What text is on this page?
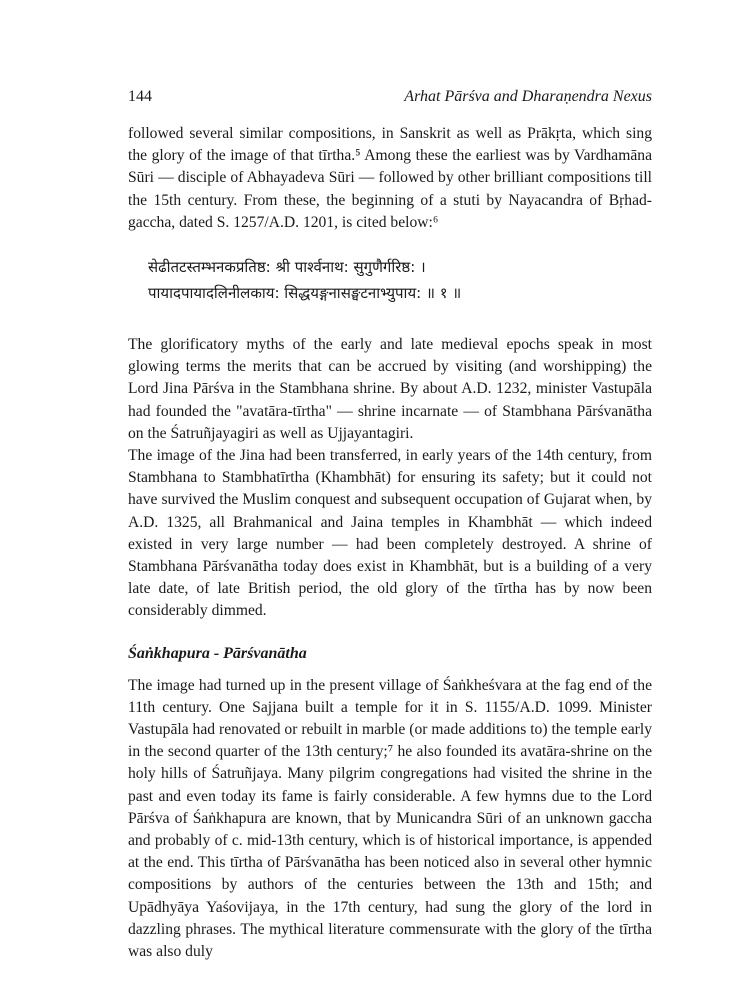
144	Arhat Pārśva and Dharaṇendra Nexus

followed several similar compositions, in Sanskrit as well as Prākṛta, which sing the glory of the image of that tīrtha.⁵ Among these the earliest was by Vardhamāna Sūri — disciple of Abhayadeva Sūri — followed by other brilliant compositions till the 15th century. From these, the beginning of a stuti by Nayacandra of Bṛhad-gaccha, dated S. 1257/A.D. 1201, is cited below:⁶

सेढीतटस्तम्भनकप्रतिष्ठ: श्री पार्श्वनाथ: सुगुणैर्गरिष्ठ: ।
पायादपायादलिनीलकाय: सिद्धयङ्गनासङ्घटनाभ्युपाय: ॥ १ ॥

The glorificatory myths of the early and late medieval epochs speak in most glowing terms the merits that can be accrued by visiting (and worshipping) the Lord Jina Pārśva in the Stambhana shrine. By about A.D. 1232, minister Vastupāla had founded the "avatāra-tīrtha" — shrine incarnate — of Stambhana Pārśvanātha on the Śatruñjayagiri as well as Ujjayantagiri.

The image of the Jina had been transferred, in early years of the 14th century, from Stambhana to Stambhatīrtha (Khambhāt) for ensuring its safety; but it could not have survived the Muslim conquest and subsequent occupation of Gujarat when, by A.D. 1325, all Brahmanical and Jaina temples in Khambhāt — which indeed existed in very large number — had been completely destroyed. A shrine of Stambhana Pārśvanātha today does exist in Khambhāt, but is a building of a very late date, of late British period, the old glory of the tīrtha has by now been considerably dimmed.

Śaṅkhapura - Pārśvanātha

The image had turned up in the present village of Śaṅkheśvara at the fag end of the 11th century. One Sajjana built a temple for it in S. 1155/A.D. 1099. Minister Vastupāla had renovated or rebuilt in marble (or made additions to) the temple early in the second quarter of the 13th century;⁷ he also founded its avatāra-shrine on the holy hills of Śatruñjaya. Many pilgrim congregations had visited the shrine in the past and even today its fame is fairly considerable. A few hymns due to the Lord Pārśva of Śaṅkhapura are known, that by Municandra Sūri of an unknown gaccha and probably of c. mid-13th century, which is of historical importance, is appended at the end. This tīrtha of Pārśvanātha has been noticed also in several other hymnic compositions by authors of the centuries between the 13th and 15th; and Upādhyāya Yaśovijaya, in the 17th century, had sung the glory of the lord in dazzling phrases. The mythical literature commensurate with the glory of the tīrtha was also duly
